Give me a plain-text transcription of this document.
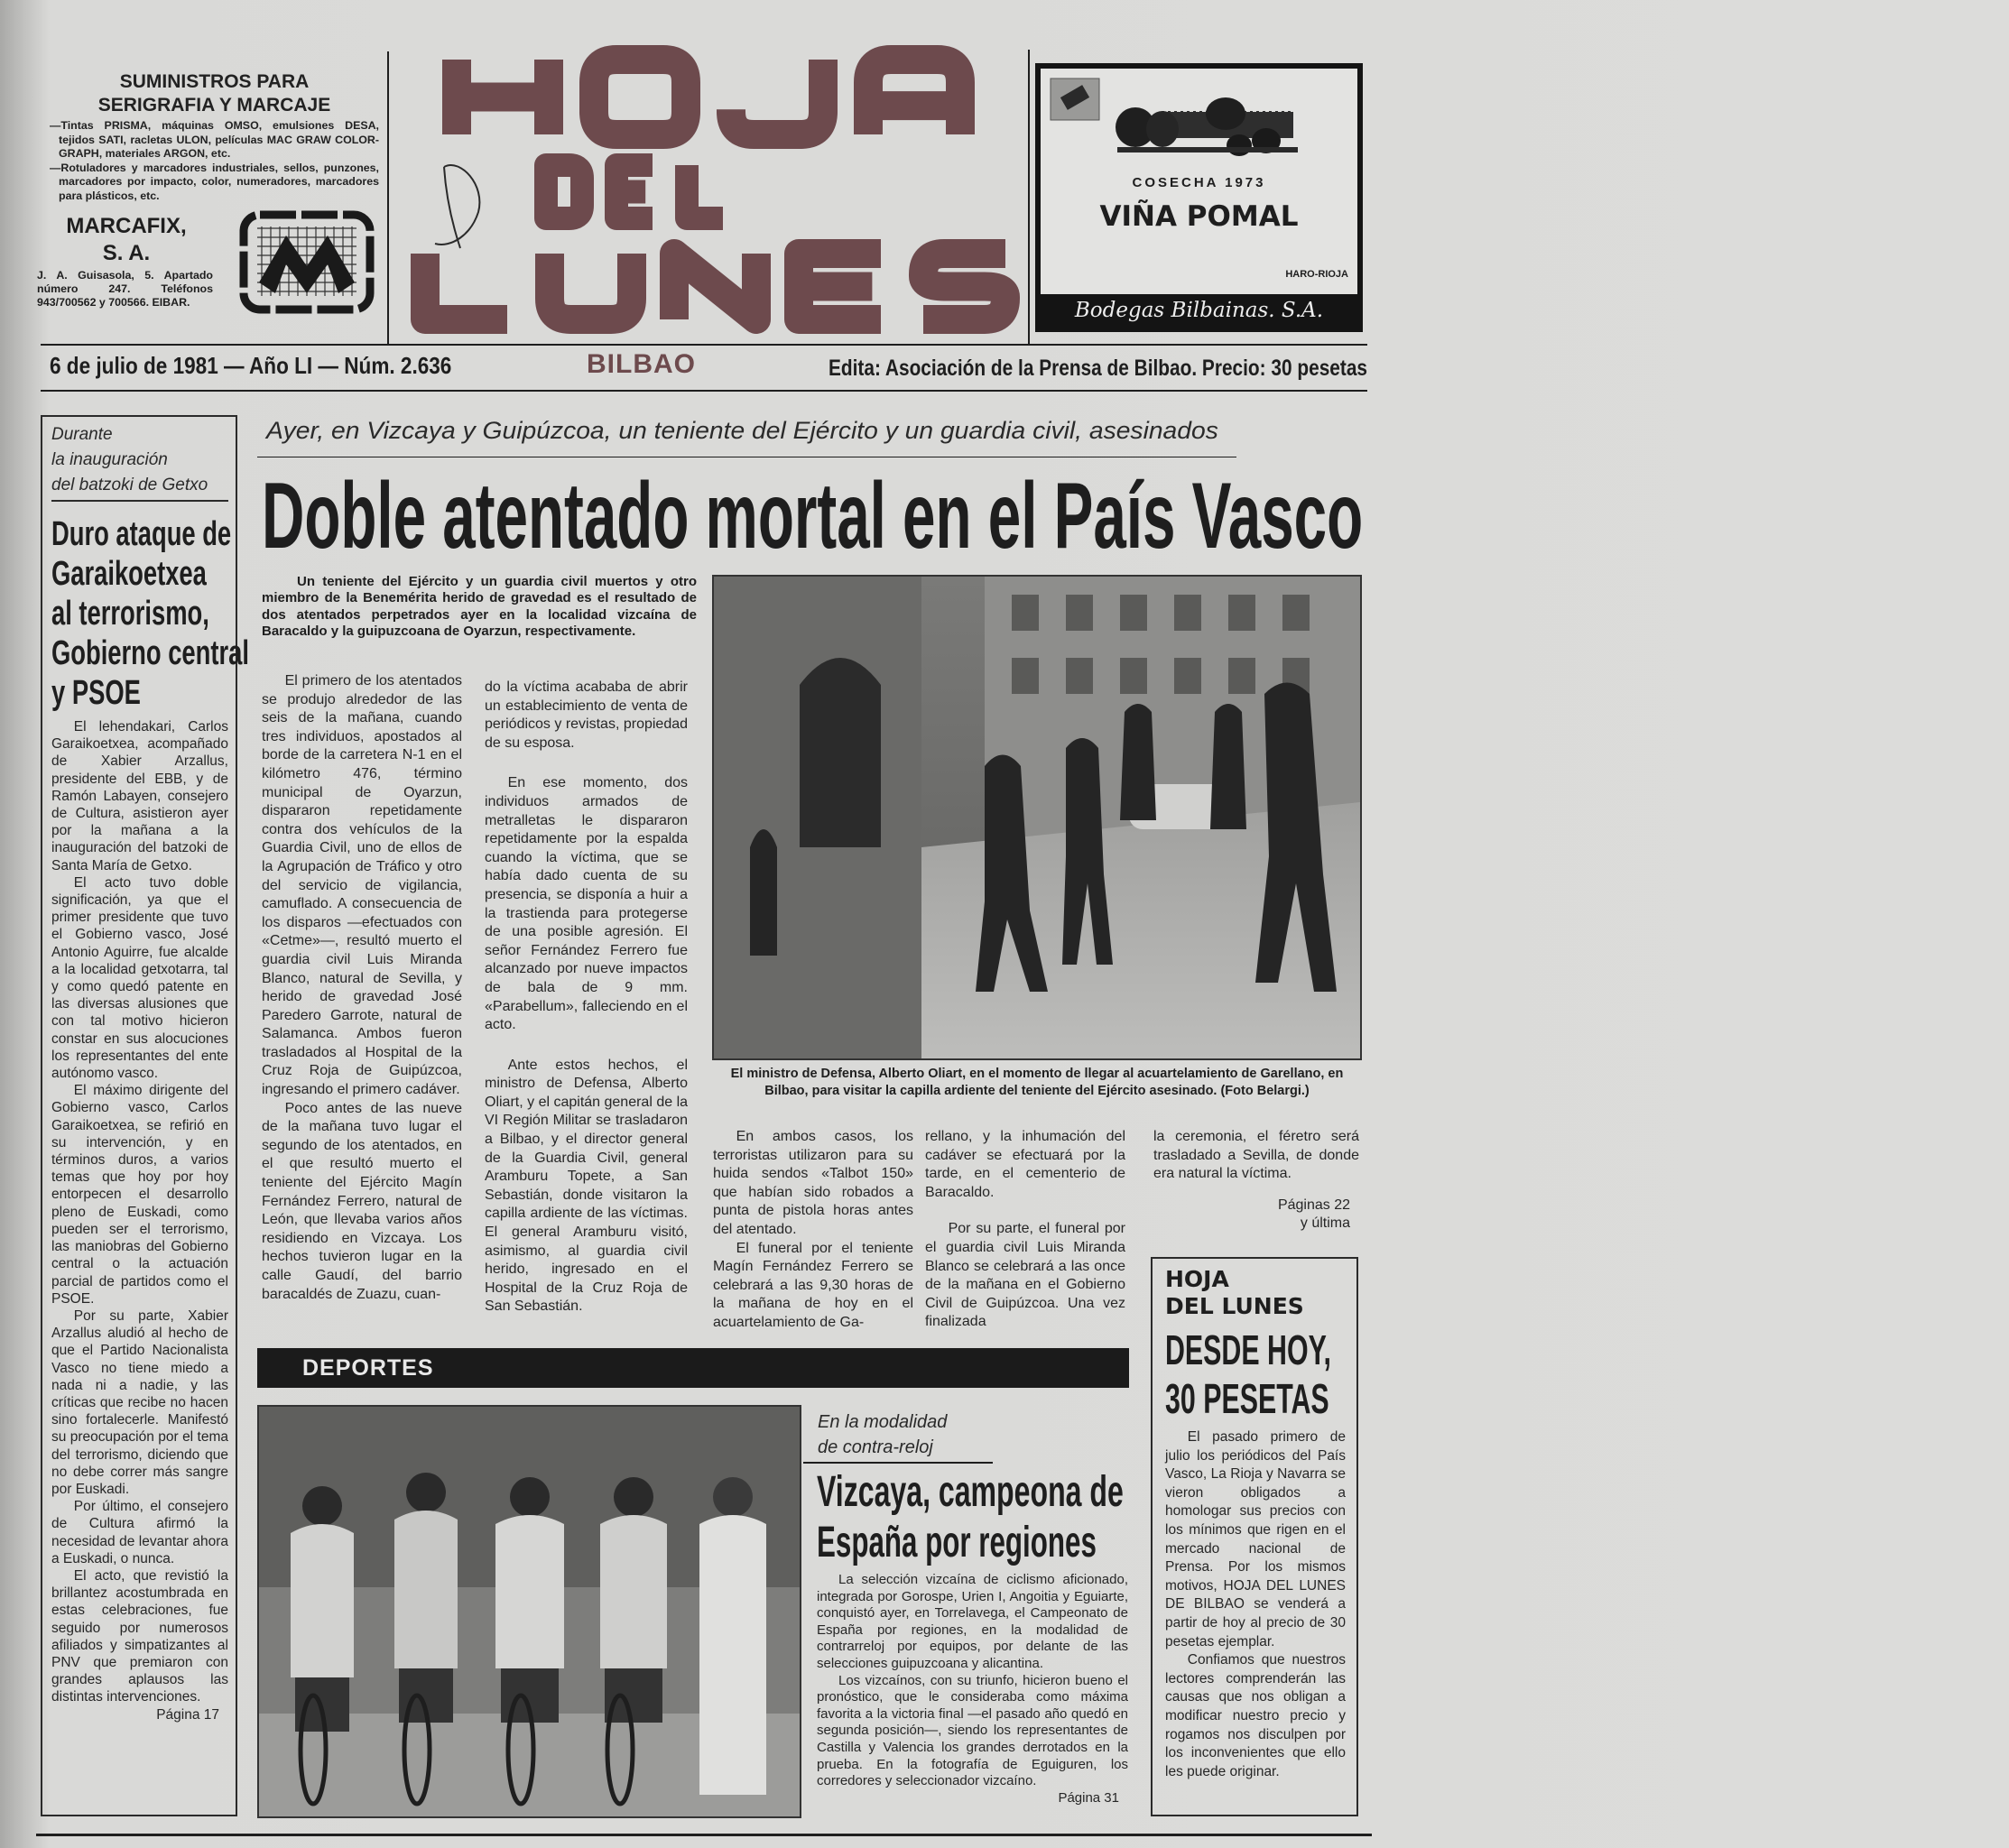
SUMINISTROS PARA
SERIGRAFIA Y MARCAJE
—Tintas PRISMA, máquinas OMSO, emulsiones DESA, tejidos SATI, racletas ULON, películas MAC GRAW COLOR-GRAPH, materiales ARGON, etc.
—Rotuladores y marcadores industriales, sellos, punzones, marcadores por impacto, color, numeradores, marcadores para plásticos, etc.
MARCAFIX,
S. A.
J. A. Guisasola, 5. Apartado número 247. Teléfonos 943/700562 y 700566. EIBAR.
COSECHA 1973
VIÑA POMAL
HARO-RIOJA
Bodegas Bilbainas. S.A.
6 de julio de 1981 — Año LI — Núm. 2.636	BILBAO	Edita: Asociación de la Prensa de Bilbao. Precio: 30 pesetas
Durante
la inauguración
del batzoki de Getxo
Duro ataque de
Garaikoetxea
al terrorismo,
Gobierno central
y PSOE

El lehendakari, Carlos Garaikoetxea, acompañado de Xabier Arzallus, presidente del EBB, y de Ramón Labayen, consejero de Cultura, asistieron ayer por la mañana a la inauguración del batzoki de Santa María de Getxo.

El acto tuvo doble significación, ya que el primer presidente que tuvo el Gobierno vasco, José Antonio Aguirre, fue alcalde a la localidad getxotarra, tal y como quedó patente en las diversas alusiones que con tal motivo hicieron constar en sus alocuciones los representantes del ente autónomo vasco.

El máximo dirigente del Gobierno vasco, Carlos Garaikoetxea, se refirió en su intervención, y en términos duros, a varios temas que hoy por hoy entorpecen el desarrollo pleno de Euskadi, como pueden ser el terrorismo, las maniobras del Gobierno central o la actuación parcial de partidos como el PSOE.

Por su parte, Xabier Arzallus aludió al hecho de que el Partido Nacionalista Vasco no tiene miedo a nada ni a nadie, y las críticas que recibe no hacen sino fortalecerle. Manifestó su preocupación por el tema del terrorismo, diciendo que no debe correr más sangre por Euskadi.

Por último, el consejero de Cultura afirmó la necesidad de levantar ahora a Euskadi, o nunca.

El acto, que revistió la brillantez acostumbrada en estas celebraciones, fue seguido por numerosos afiliados y simpatizantes al PNV que premiaron con grandes aplausos las distintas intervenciones.

Página 17
Ayer, en Vizcaya y Guipúzcoa, un teniente del Ejército y un guardia civil, asesinados
Doble atentado mortal en el País Vasco
Un teniente del Ejército y un guardia civil muertos y otro miembro de la Benemérita herido de gravedad es el resultado de dos atentados perpetrados ayer en la localidad vizcaína de Baracaldo y la guipuzcoana de Oyarzun, respectivamente.

El primero de los atentados se produjo alrededor de las seis de la mañana, cuando tres individuos, apostados al borde de la carretera N-1 en el kilómetro 476, término municipal de Oyarzun, dispararon repetidamente contra dos vehículos de la Guardia Civil, uno de ellos de la Agrupación de Tráfico y otro del servicio de vigilancia, camuflado. A consecuencia de los disparos —efectuados con «Cetme»—, resultó muerto el guardia civil Luis Miranda Blanco, natural de Sevilla, y herido de gravedad José Paredero Garrote, natural de Salamanca. Ambos fueron trasladados al Hospital de la Cruz Roja de Guipúzcoa, ingresando el primero cadáver.

Poco antes de las nueve de la mañana tuvo lugar el segundo de los atentados, en el que resultó muerto el teniente del Ejército Magín Fernández Ferrero, natural de León, que llevaba varios años residiendo en Vizcaya. Los hechos tuvieron lugar en la calle Gaudí, del barrio baracaldés de Zuazu, cuan-

do la víctima acababa de abrir un establecimiento de venta de periódicos y revistas, propiedad de su esposa.

En ese momento, dos individuos armados de metralletas le dispararon repetidamente por la espalda cuando la víctima, que se había dado cuenta de su presencia, se disponía a huir a la trastienda para protegerse de una posible agresión. El señor Fernández Ferrero fue alcanzado por nueve impactos de bala de 9 mm. «Parabellum», falleciendo en el acto.

Ante estos hechos, el ministro de Defensa, Alberto Oliart, y el capitán general de la VI Región Militar se trasladaron a Bilbao, y el director general de la Guardia Civil, general Aramburu Topete, a San Sebastián, donde visitaron la capilla ardiente de las víctimas. El general Aramburu visitó, asimismo, al guardia civil herido, ingresado en el Hospital de la Cruz Roja de San Sebastián.

El ministro de Defensa, Alberto Oliart, en el momento de llegar al acuartelamiento de Garellano, en Bilbao, para visitar la capilla ardiente del teniente del Ejército asesinado. (Foto Belargi.)

En ambos casos, los terroristas utilizaron para su huida sendos «Talbot 150» que habían sido robados a punta de pistola horas antes del atentado.

El funeral por el teniente Magín Fernández Ferrero se celebrará a las 9,30 horas de la mañana de hoy en el acuartelamiento de Ga-

rellano, y la inhumación del cadáver se efectuará por la tarde, en el cementerio de Baracaldo.

Por su parte, el funeral por el guardia civil Luis Miranda Blanco se celebrará a las once de la mañana en el Gobierno Civil de Guipúzcoa. Una vez finalizada

la ceremonia, el féretro será trasladado a Sevilla, de donde era natural la víctima.

Páginas 22
y última
HOJA
DEL LUNES
DESDE HOY,
30 PESETAS

El pasado primero de julio los periódicos del País Vasco, La Rioja y Navarra se vieron obligados a homologar sus precios con los mínimos que rigen en el mercado nacional de Prensa. Por los mismos motivos, HOJA DEL LUNES DE BILBAO se venderá a partir de hoy al precio de 30 pesetas ejemplar.

Confiamos que nuestros lectores comprenderán las causas que nos obligan a modificar nuestro precio y rogamos nos disculpen por los inconvenientes que ello les puede originar.

DEPORTES
En la modalidad
de contra-reloj
Vizcaya, campeona de
España por regiones

La selección vizcaína de ciclismo aficionado, integrada por Gorospe, Urien I, Angoitia y Eguiarte, conquistó ayer, en Torrelavega, el Campeonato de España por regiones, en la modalidad de contrarreloj por equipos, por delante de las selecciones guipuzcoana y alicantina.

Los vizcaínos, con su triunfo, hicieron bueno el pronóstico, que le consideraba como máxima favorita a la victoria final —el pasado año quedó en segunda posición—, siendo los representantes de Castilla y Valencia los grandes derrotados en la prueba. En la fotografía de Eguiguren, los corredores y seleccionador vizcaíno.

Página 31
